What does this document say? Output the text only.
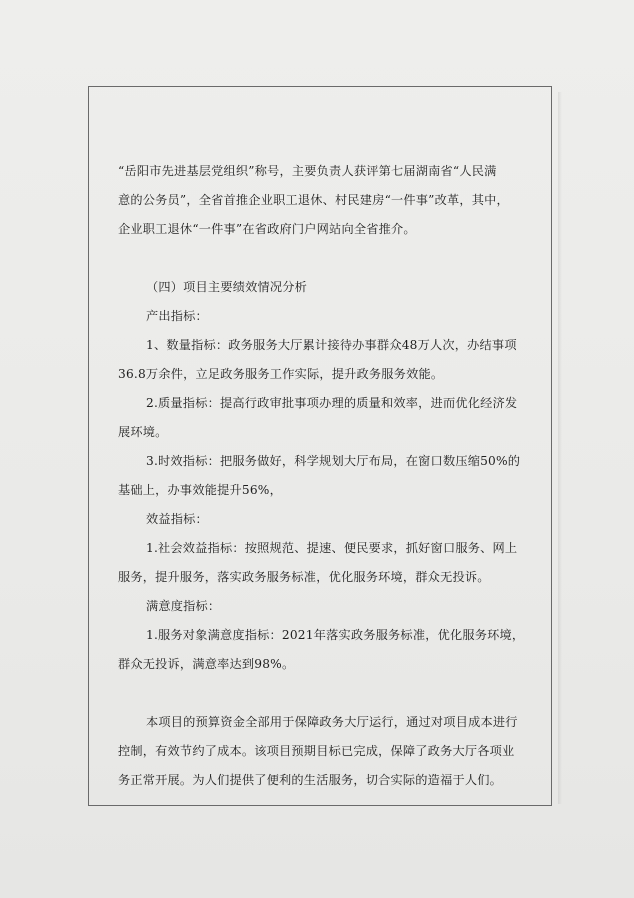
“岳阳市先进基层党组织”称号，主要负责人获评第七届湖南省“人民满

意的公务员”，全省首推企业职工退休、村民建房“一件事”改革，其中，

企业职工退休“一件事”在省政府门户网站向全省推介。

（四）项目主要绩效情况分析

产出指标：

1、数量指标：政务服务大厅累计接待办事群众48万人次，办结事项

36.8万余件，立足政务服务工作实际，提升政务服务效能。

2.质量指标：提高行政审批事项办理的质量和效率，进而优化经济发

展环境。

3.时效指标：把服务做好，科学规划大厅布局，在窗口数压缩50%的

基础上，办事效能提升56%，

效益指标：

1.社会效益指标：按照规范、提速、便民要求，抓好窗口服务、网上

服务，提升服务，落实政务服务标准，优化服务环境，群众无投诉。

满意度指标：

1.服务对象满意度指标：2021年落实政务服务标准，优化服务环境，

群众无投诉，满意率达到98%。

本项目的预算资金全部用于保障政务大厅运行，通过对项目成本进行

控制，有效节约了成本。该项目预期目标已完成，保障了政务大厅各项业

务正常开展。为人们提供了便利的生活服务，切合实际的造福于人们。
